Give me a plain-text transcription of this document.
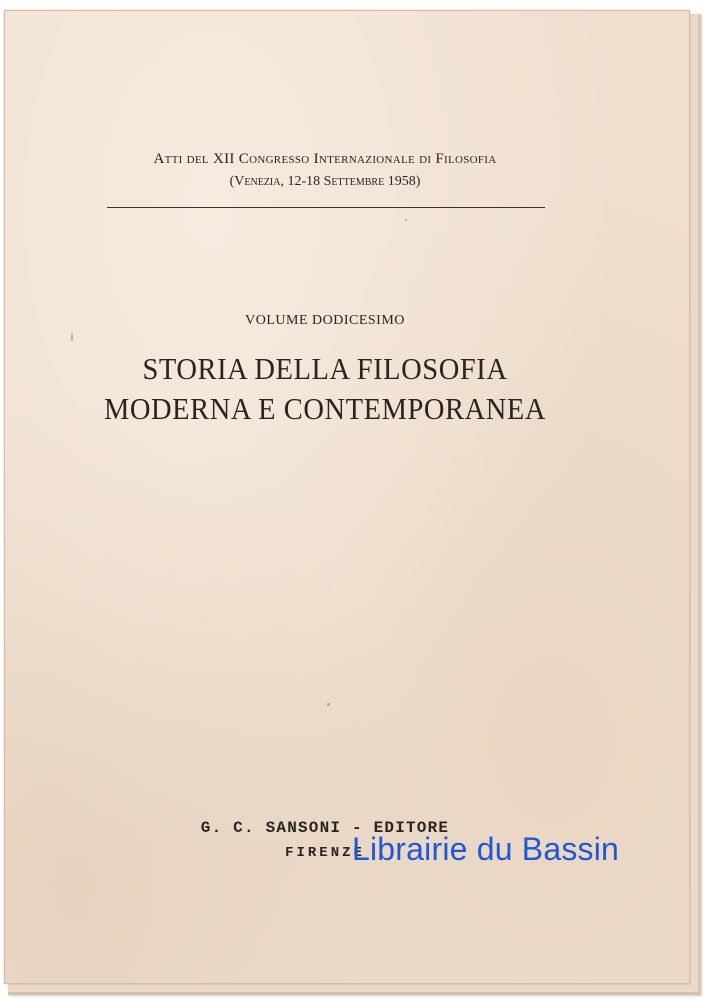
Atti del XII Congresso Internazionale di Filosofia
(Venezia, 12-18 Settembre 1958)
VOLUME DODICESIMO
STORIA DELLA FILOSOFIA
MODERNA E CONTEMPORANEA
G. C. SANSONI - EDITORE
FIRENZE
Librairie du Bassin
